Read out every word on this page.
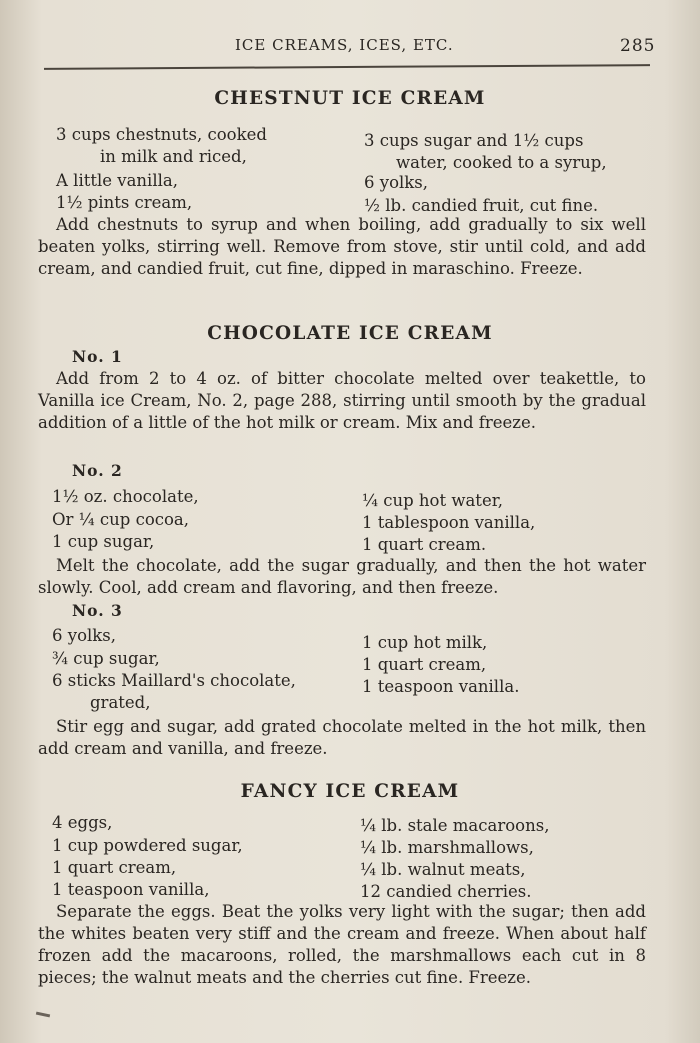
ICE CREAMS, ICES, ETC.	285
CHESTNUT ICE CREAM
3 cups chestnuts, cooked
in milk and riced,
A little vanilla,
1½ pints cream,
3 cups sugar and 1½ cups
water, cooked to a syrup,
6 yolks,
½ lb. candied fruit, cut fine.
Add chestnuts to syrup and when boiling, add gradually to six well beaten yolks, stirring well. Remove from stove, stir until cold, and add cream, and candied fruit, cut fine, dipped in maraschino. Freeze.
CHOCOLATE ICE CREAM
No. 1
Add from 2 to 4 oz. of bitter chocolate melted over teakettle, to Vanilla ice Cream, No. 2, page 288, stirring until smooth by the gradual addition of a little of the hot milk or cream. Mix and freeze.
No. 2
1½ oz. chocolate,
Or ¼ cup cocoa,
1 cup sugar,
¼ cup hot water,
1 tablespoon vanilla,
1 quart cream.
Melt the chocolate, add the sugar gradually, and then the hot water slowly. Cool, add cream and flavoring, and then freeze.
No. 3
6 yolks,
¾ cup sugar,
6 sticks Maillard's chocolate,
grated,
1 cup hot milk,
1 quart cream,
1 teaspoon vanilla.
Stir egg and sugar, add grated chocolate melted in the hot milk, then add cream and vanilla, and freeze.
FANCY ICE CREAM
4 eggs,
1 cup powdered sugar,
1 quart cream,
1 teaspoon vanilla,
¼ lb. stale macaroons,
¼ lb. marshmallows,
¼ lb. walnut meats,
12 candied cherries.
Separate the eggs. Beat the yolks very light with the sugar; then add the whites beaten very stiff and the cream and freeze. When about half frozen add the macaroons, rolled, the marshmallows each cut in 8 pieces; the walnut meats and the cherries cut fine. Freeze.
